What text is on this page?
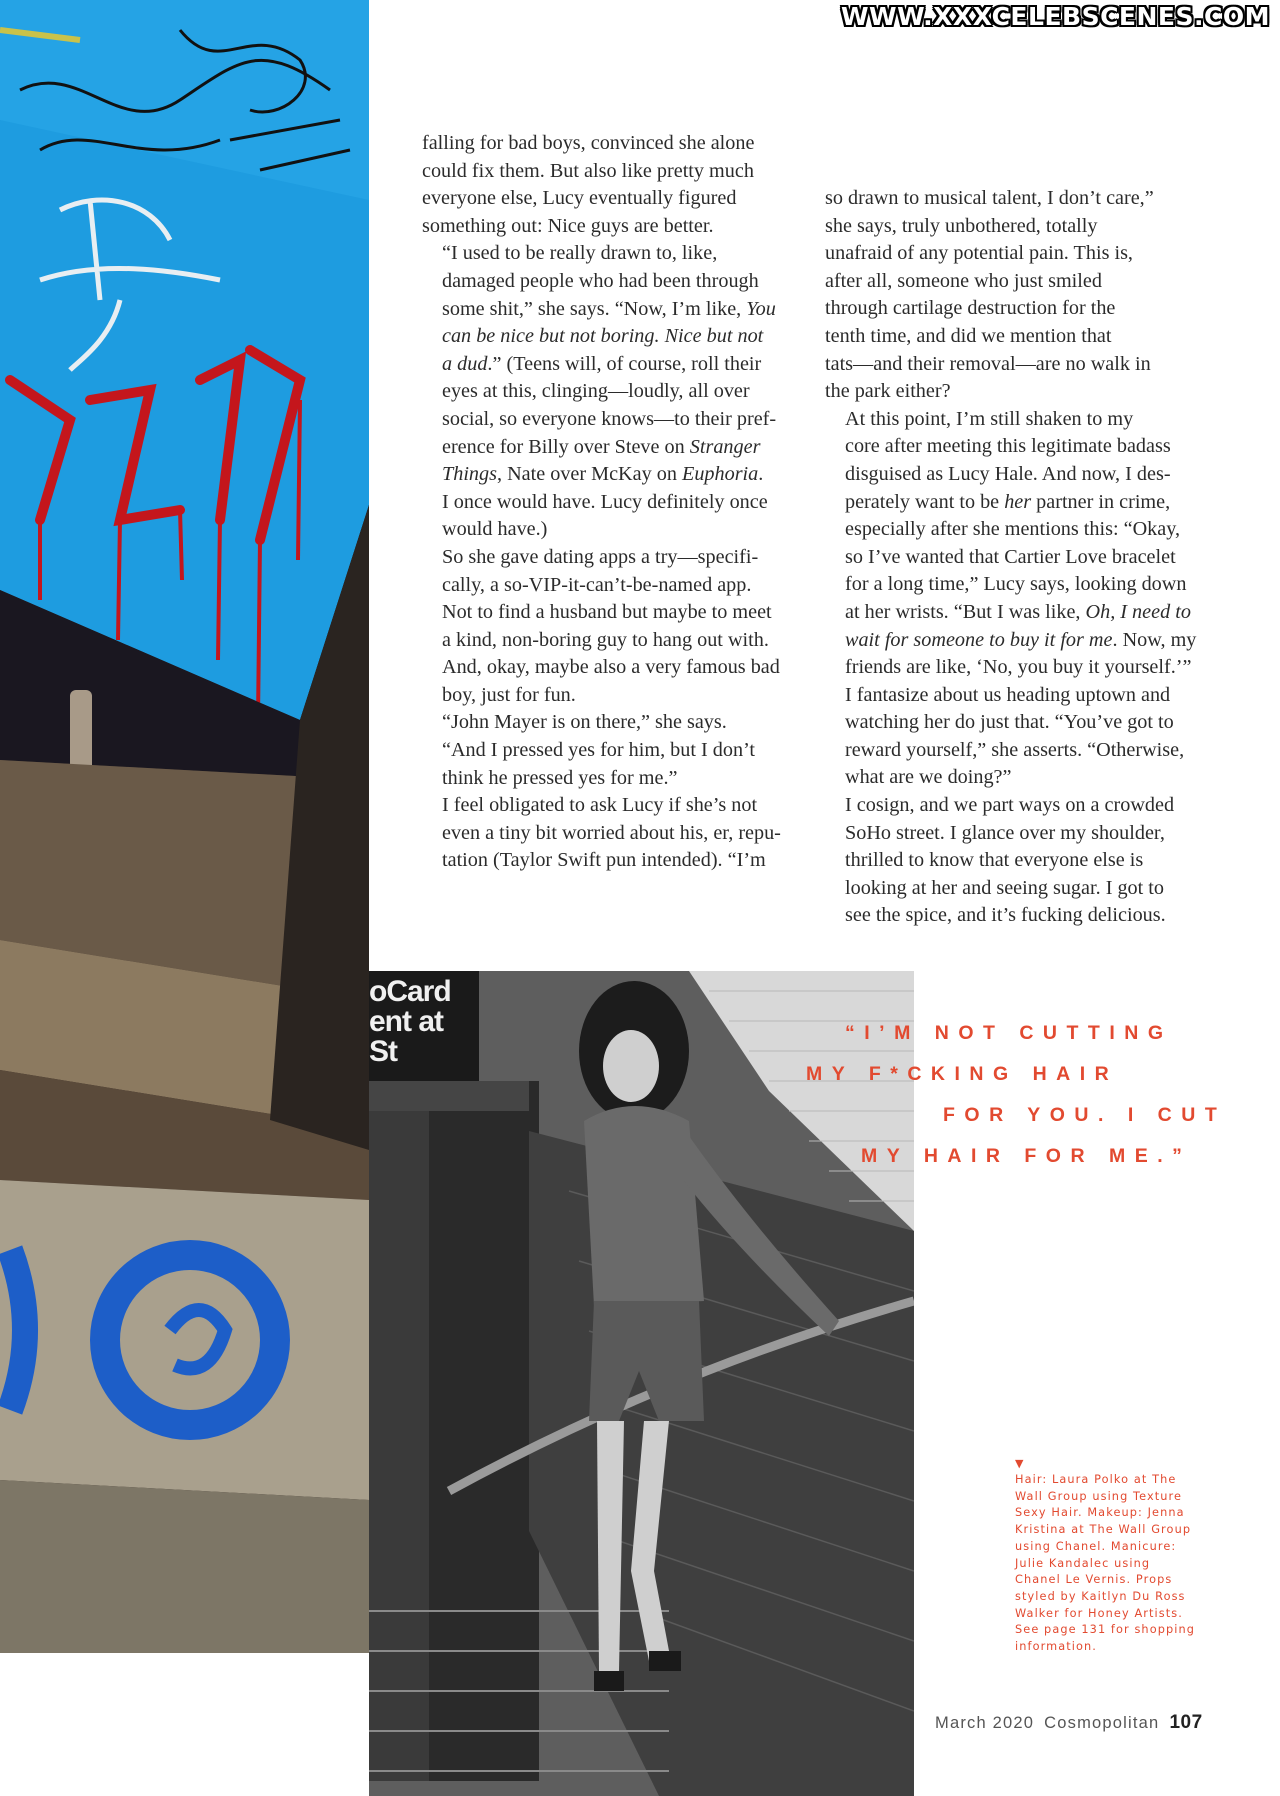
oCard
ent at
St
WWW.XXXCELEBSCENES.COM

falling for bad boys, convinced she alone
could fix them. But also like pretty much
everyone else, Lucy eventually figured
something out: Nice guys are better.

“I used to be really drawn to, like,
damaged people who had been through
some shit,” she says. “Now, I’m like, You
can be nice but not boring. Nice but not
a dud.” (Teens will, of course, roll their
eyes at this, clinging—loudly, all over
social, so everyone knows—to their pref-
erence for Billy over Steve on Stranger
Things, Nate over McKay on Euphoria.
I once would have. Lucy definitely once
would have.)

So she gave dating apps a try—specifi-
cally, a so-VIP-it-can’t-be-named app.
Not to find a husband but maybe to meet
a kind, non-boring guy to hang out with.
And, okay, maybe also a very famous bad
boy, just for fun.

“John Mayer is on there,” she says.
“And I pressed yes for him, but I don’t
think he pressed yes for me.”

I feel obligated to ask Lucy if she’s not
even a tiny bit worried about his, er, repu-
tation (Taylor Swift pun intended). “I’m

so drawn to musical talent, I don’t care,”
she says, truly unbothered, totally
unafraid of any potential pain. This is,
after all, someone who just smiled
through cartilage destruction for the
tenth time, and did we mention that
tats—and their removal—are no walk in
the park either?

At this point, I’m still shaken to my
core after meeting this legitimate badass
disguised as Lucy Hale. And now, I des-
perately want to be her partner in crime,
especially after she mentions this: “Okay,
so I’ve wanted that Cartier Love bracelet
for a long time,” Lucy says, looking down
at her wrists. “But I was like, Oh, I need to
wait for someone to buy it for me. Now, my
friends are like, ‘No, you buy it yourself.’”
I fantasize about us heading uptown and
watching her do just that. “You’ve got to
reward yourself,” she asserts. “Otherwise,
what are we doing?”

I cosign, and we part ways on a crowded
SoHo street. I glance over my shoulder,
thrilled to know that everyone else is
looking at her and seeing sugar. I got to
see the spice, and it’s fucking delicious.

“I’M NOT CUTTING
MY F*CKING HAIR
FOR YOU. I CUT
MY HAIR FOR ME.”
▼
Hair: Laura Polko at The
Wall Group using Texture
Sexy Hair. Makeup: Jenna
Kristina at The Wall Group
using Chanel. Manicure:
Julie Kandalec using
Chanel Le Vernis. Props
styled by Kaitlyn Du Ross
Walker for Honey Artists.
See page 131 for shopping
information.
March 2020 Cosmopolitan 107
